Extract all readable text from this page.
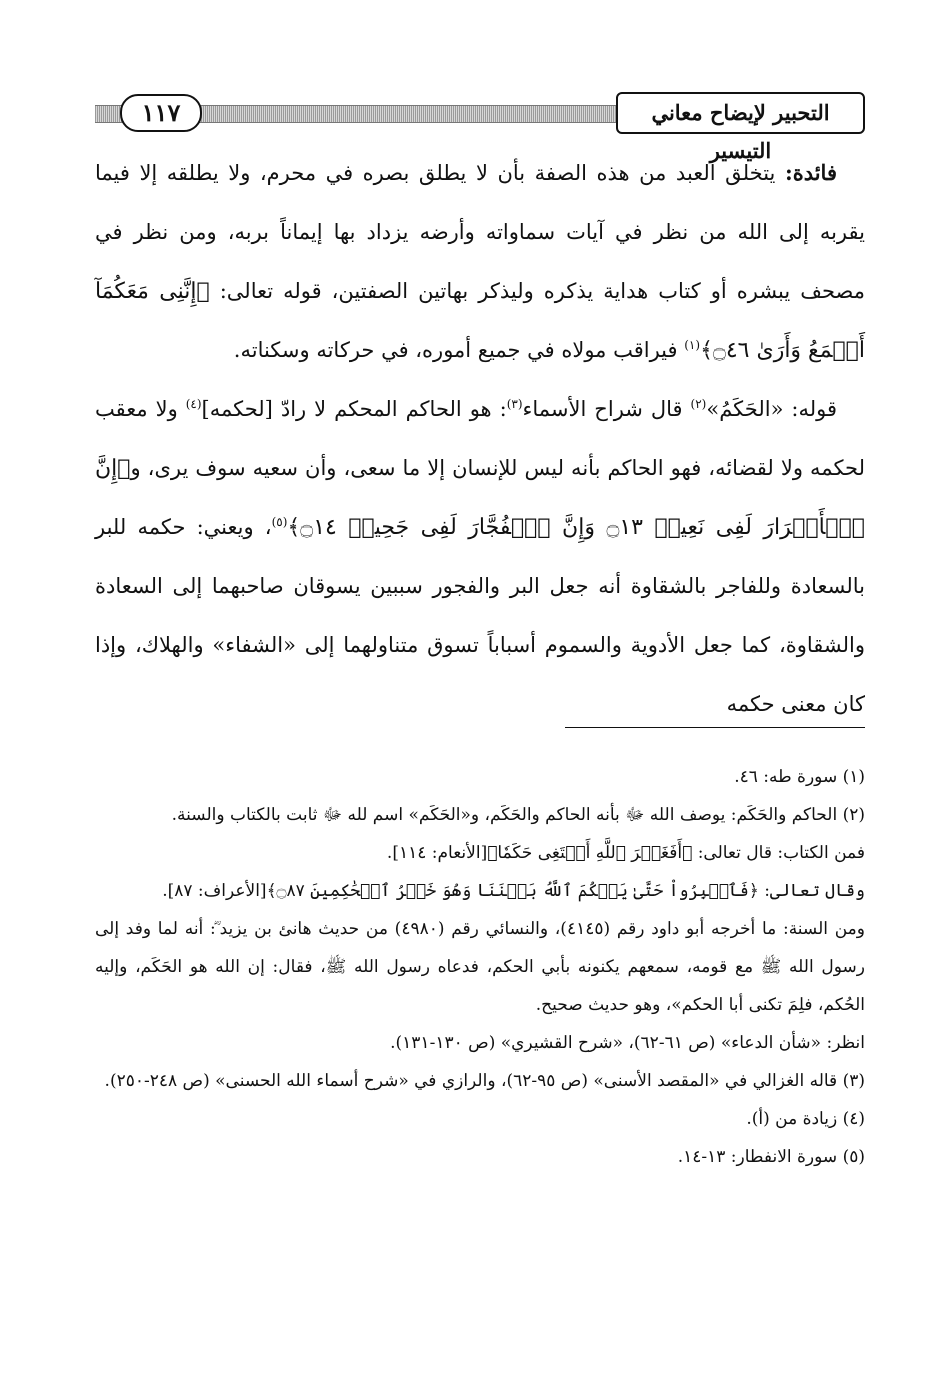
١١٧	التحبير لإيضاح معاني التيسير

فائدة: يتخلق العبد من هذه الصفة بأن لا يطلق بصره في محرم، ولا يطلقه إلا فيما يقربه إلى الله من نظر في آيات سماواته وأرضه يزداد بها إيماناً بربه، ومن نظر في مصحف يبشره أو كتاب هداية يذكره وليذكر بهاتين الصفتين، قوله تعالى: ﴿إِنَّنِى مَعَكُمَآ أَسۡمَعُ وَأَرَىٰ ۝٤٦﴾$^{(١)}$ فيراقب مولاه في جميع أموره، في حركاته وسكناته.

قوله: «الحَكَمُ»$^{(٢)}$ قال شراح الأسماء$^{(٣)}$: هو الحاكم المحكم لا رادّ [لحكمه]$^{(٤)}$ ولا معقب لحكمه ولا لقضائه، فهو الحاكم بأنه ليس للإنسان إلا ما سعى، وأن سعيه سوف يرى، و﴿إِنَّ ٱلۡأَبۡرَارَ لَفِى نَعِيمٖ ۝١٣ وَإِنَّ ٱلۡفُجَّارَ لَفِى جَحِيمٖ ۝١٤﴾$^{(٥)}$، ويعني: حكمه للبر بالسعادة وللفاجر بالشقاوة أنه جعل البر والفجور سببين يسوقان صاحبهما إلى السعادة والشقاوة، كما جعل الأدوية والسموم أسباباً تسوق متناولهما إلى «الشفاء» والهلاك، وإذا كان معنى حكمه

(١) سورة طه: ٤٦.

(٢) الحاكم والحَكَم: يوصف الله ﷻ بأنه الحاكم والحَكَم، و«الحَكَم» اسم لله ﷻ ثابت بالكتاب والسنة.

فمن الكتاب: قال تعالى: ﴿أَفَغَيۡرَ ٱللَّهِ أَبۡتَغِى حَكَمٗا﴾[الأنعام: ١١٤].

وقال تعالى: ﴿فَٱصۡبِرُواْ حَتَّىٰ يَحۡكُمَ ٱللَّهُ بَيۡنَنَا وَهُوَ خَيۡرُ ٱلۡحَٰكِمِينَ ۝٨٧﴾[الأعراف: ٨٧].

ومن السنة: ما أخرجه أبو داود رقم (٤١٤٥)، والنسائي رقم (٤٩٨٠) من حديث هانئ بن يزيد ؓ: أنه لما وفد إلى رسول الله ﷺ مع قومه، سمعهم يكنونه بأبي الحكم، فدعاه رسول الله ﷺ، فقال: إن الله هو الحَكَم، وإليه الحُكم، فلِمَ تكنى أبا الحكم»، وهو حديث صحيح.

انظر: «شأن الدعاء» (ص ٦١-٦٢)، «شرح القشيري» (ص ١٣٠-١٣١).

(٣) قاله الغزالي في «المقصد الأسنى» (ص ٩٥-٦٢)، والرازي في «شرح أسماء الله الحسنى» (ص ٢٤٨-٢٥٠).

(٤) زيادة من (أ).

(٥) سورة الانفطار: ١٣-١٤.
